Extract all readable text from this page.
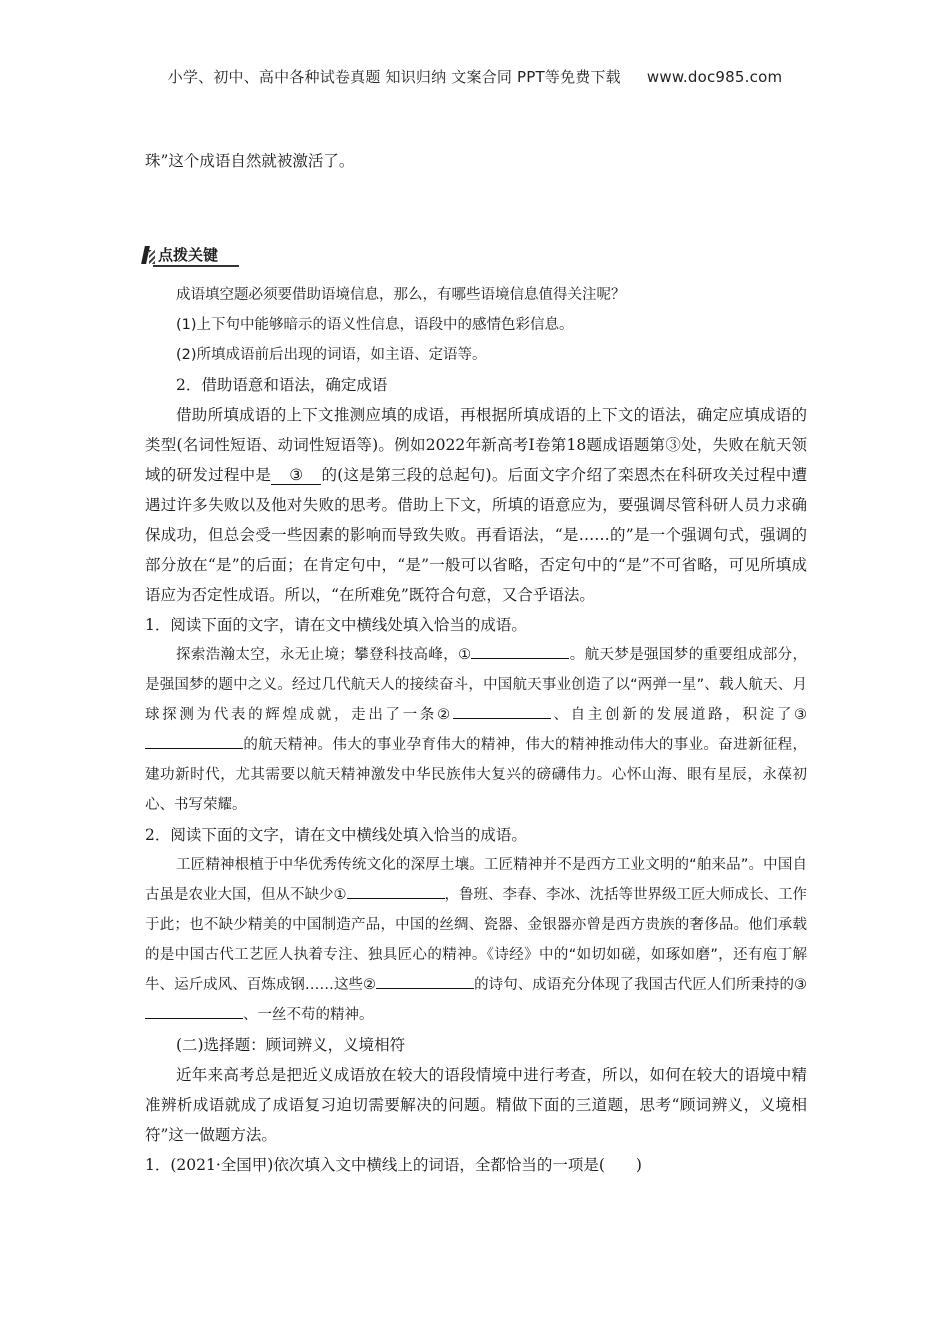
小学、初中、高中各种试卷真题 知识归纳 文案合同 PPT等免费下载 www.doc985.com

珠”这个成语自然就被激活了。

点拨关键

成语填空题必须要借助语境信息，那么，有哪些语境信息值得关注呢？

(1)上下句中能够暗示的语义性信息，语段中的感情色彩信息。

(2)所填成语前后出现的词语，如主语、定语等。

2．借助语意和语法，确定成语

借助所填成语的上下文推测应填的成语，再根据所填成语的上下文的语法，确定应填成语的类型(名词性短语、动词性短语等)。例如2022年新高考Ⅰ卷第18题成语题第③处，失败在航天领域的研发过程中是 ③ 的(这是第三段的总起句)。后面文字介绍了栾恩杰在科研攻关过程中遭遇过许多失败以及他对失败的思考。借助上下文，所填的语意应为，要强调尽管科研人员力求确保成功，但总会受一些因素的影响而导致失败。再看语法，“是……的”是一个强调句式，强调的部分放在“是”的后面；在肯定句中，“是”一般可以省略，否定句中的“是”不可省略，可见所填成语应为否定性成语。所以，“在所难免”既符合句意，又合乎语法。

1．阅读下面的文字，请在文中横线处填入恰当的成语。

探索浩瀚太空，永无止境；攀登科技高峰，①	。航天梦是强国梦的重要组成部分，是强国梦的题中之义。经过几代航天人的接续奋斗，中国航天事业创造了以“两弹一星”、载人航天、月球探测为代表的辉煌成就，走出了一条②	、自主创新的发展道路，积淀了③的航天精神。伟大的事业孕育伟大的精神，伟大的精神推动伟大的事业。奋进新征程，建功新时代，尤其需要以航天精神激发中华民族伟大复兴的磅礴伟力。心怀山海、眼有星辰，永葆初心、书写荣耀。

2．阅读下面的文字，请在文中横线处填入恰当的成语。

工匠精神根植于中华优秀传统文化的深厚土壤。工匠精神并不是西方工业文明的“舶来品”。中国自古虽是农业大国，但从不缺少①	，鲁班、李春、李冰、沈括等世界级工匠大师成长、工作于此；也不缺少精美的中国制造产品，中国的丝绸、瓷器、金银器亦曾是西方贵族的奢侈品。他们承载的是中国古代工艺匠人执着专注、独具匠心的精神。《诗经》中的“如切如磋，如琢如磨”，还有庖丁解牛、运斤成风、百炼成钢……这些②	的诗句、成语充分体现了我国古代匠人们所秉持的③、一丝不苟的精神。

(二)选择题：顾词辨义，义境相符

近年来高考总是把近义成语放在较大的语段情境中进行考查，所以，如何在较大的语境中精准辨析成语就成了成语复习迫切需要解决的问题。精做下面的三道题，思考“顾词辨义，义境相符”这一做题方法。

1．(2021·全国甲)依次填入文中横线上的词语，全都恰当的一项是(　　)
